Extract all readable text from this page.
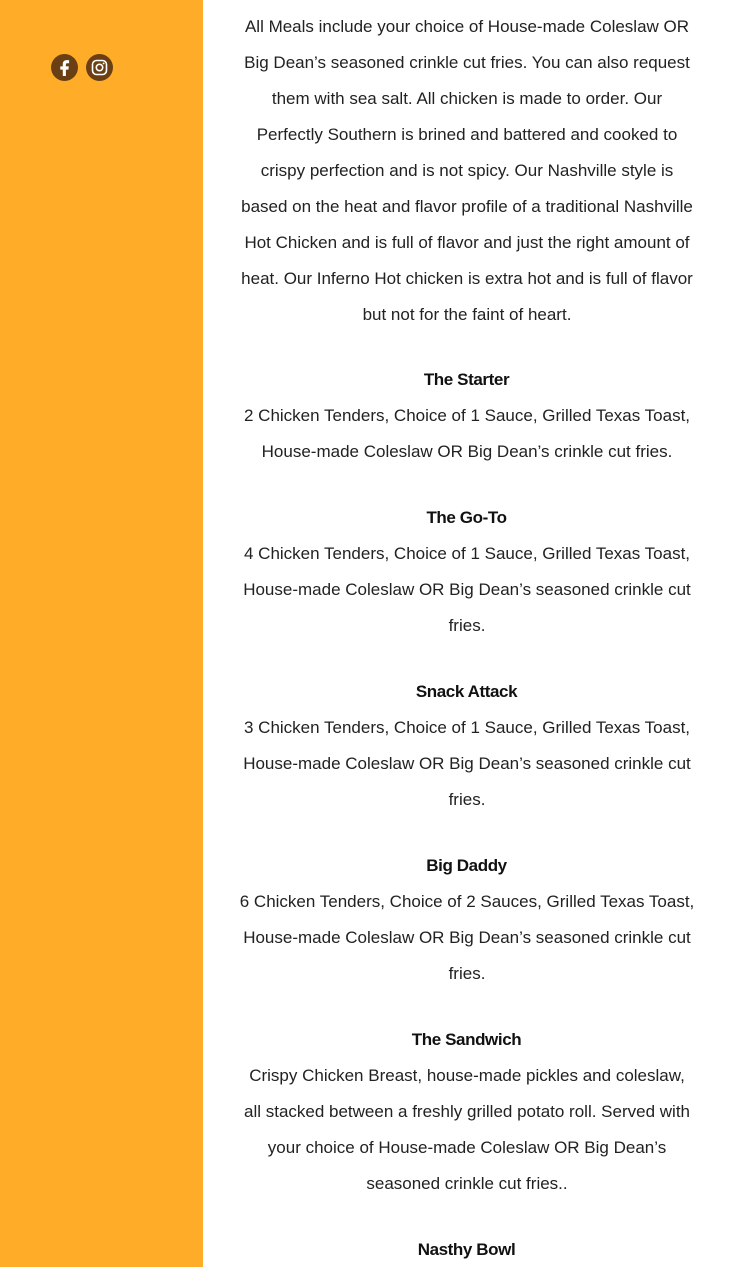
All Meals include your choice of House-made Coleslaw OR Big Dean’s seasoned crinkle cut fries. You can also request them with sea salt. All chicken is made to order. Our Perfectly Southern is brined and battered and cooked to crispy perfection and is not spicy. Our Nashville style is based on the heat and flavor profile of a traditional Nashville Hot Chicken and is full of flavor and just the right amount of heat. Our Inferno Hot chicken is extra hot and is full of flavor but not for the faint of heart.

The Starter

2 Chicken Tenders, Choice of 1 Sauce, Grilled Texas Toast, House-made Coleslaw OR Big Dean’s crinkle cut fries.

The Go-To

4 Chicken Tenders, Choice of 1 Sauce, Grilled Texas Toast, House-made Coleslaw OR Big Dean’s seasoned crinkle cut fries.

Snack Attack

3 Chicken Tenders, Choice of 1 Sauce, Grilled Texas Toast, House-made Coleslaw OR Big Dean’s seasoned crinkle cut fries.

Big Daddy

6 Chicken Tenders, Choice of 2 Sauces, Grilled Texas Toast, House-made Coleslaw OR Big Dean’s seasoned crinkle cut fries.

The Sandwich

Crispy Chicken Breast, house-made pickles and coleslaw, all stacked between a freshly grilled potato roll. Served with your choice of House-made Coleslaw OR Big Dean’s seasoned crinkle cut fries..

Nasthy Bowl
